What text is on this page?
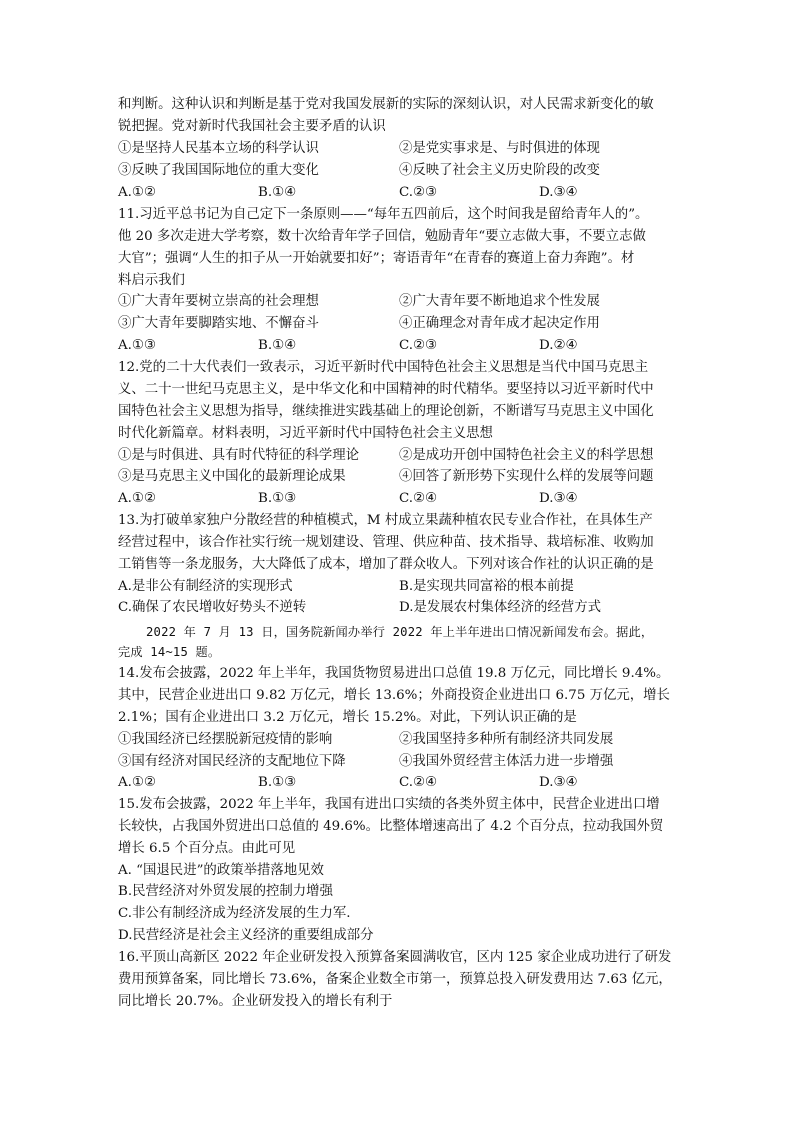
和判断。这种认识和判断是基于党对我国发展新的实际的深刻认识，对人民需求新变化的敏
锐把握。党对新时代我国社会主要矛盾的认识
①是坚持人民基本立场的科学认识	②是党实事求是、与时俱进的体现
③反映了我国国际地位的重大变化	④反映了社会主义历史阶段的改变
A.①②	B.①④	C.②③	D.③④
11.习近平总书记为自己定下一条原则——“每年五四前后，这个时间我是留给青年人的”。
他 20 多次走进大学考察，数十次给青年学子回信，勉励青年“要立志做大事，不要立志做
大官”；强调“人生的扣子从一开始就要扣好”；寄语青年“在青春的赛道上奋力奔跑”。材
料启示我们
①广大青年要树立崇高的社会理想	②广大青年要不断地追求个性发展
③广大青年要脚踏实地、不懈奋斗	④正确理念对青年成才起决定作用
A.①③	B.①④	C.②③	D.②④
12.党的二十大代表们一致表示，习近平新时代中国特色社会主义思想是当代中国马克思主
义、二十一世纪马克思主义，是中华文化和中国精神的时代精华。要坚持以习近平新时代中
国特色社会主义思想为指导，继续推进实践基础上的理论创新，不断谱写马克思主义中国化
时代化新篇章。材料表明，习近平新时代中国特色社会主义思想
①是与时俱进、具有时代特征的科学理论	②是成功开创中国特色社会主义的科学思想
③是马克思主义中国化的最新理论成果	④回答了新形势下实现什么样的发展等问题
A.①②	B.①③	C.②④	D.③④
13.为打破单家独户分散经营的种植模式，M 村成立果蔬种植农民专业合作社，在具体生产
经营过程中，该合作社实行统一规划建设、管理、供应种苗、技术指导、栽培标准、收购加
工销售等一条龙服务，大大降低了成本，增加了群众收人。下列对该合作社的认识正确的是
A.是非公有制经济的实现形式	B.是实现共同富裕的根本前提
C.确保了农民增收好势头不逆转	D.是发展农村集体经济的经营方式
2022 年 7 月 13 日，国务院新闻办举行 2022 年上半年进出口情况新闻发布会。据此，
完成 14~15 题。
14.发布会披露，2022 年上半年，我国货物贸易进出口总值 19.8 万亿元，同比增长 9.4%。
其中，民营企业进出口 9.82 万亿元，增长 13.6%；外商投资企业进出口 6.75 万亿元，增长
2.1%；国有企业进出口 3.2 万亿元，增长 15.2%。对此，下列认识正确的是
①我国经济已经摆脱新冠疫情的影响	②我国坚持多种所有制经济共同发展
③国有经济对国民经济的支配地位下降	④我国外贸经营主体活力进一步增强
A.①②	B.①③	C.②④	D.③④
15.发布会披露，2022 年上半年，我国有进出口实绩的各类外贸主体中，民营企业进出口增
长较快，占我国外贸进出口总值的 49.6%。比整体增速高出了 4.2 个百分点，拉动我国外贸
增长 6.5 个百分点。由此可见
A. “国退民进”的政策举措落地见效
B.民营经济对外贸发展的控制力增强
C.非公有制经济成为经济发展的生力军.
D.民营经济是社会主义经济的重要组成部分
16.平顶山高新区 2022 年企业研发投入预算备案圆满收官，区内 125 家企业成功进行了研发
费用预算备案，同比增长 73.6%，备案企业数全市第一，预算总投入研发费用达 7.63 亿元，
同比增长 20.7%。企业研发投入的增长有利于
